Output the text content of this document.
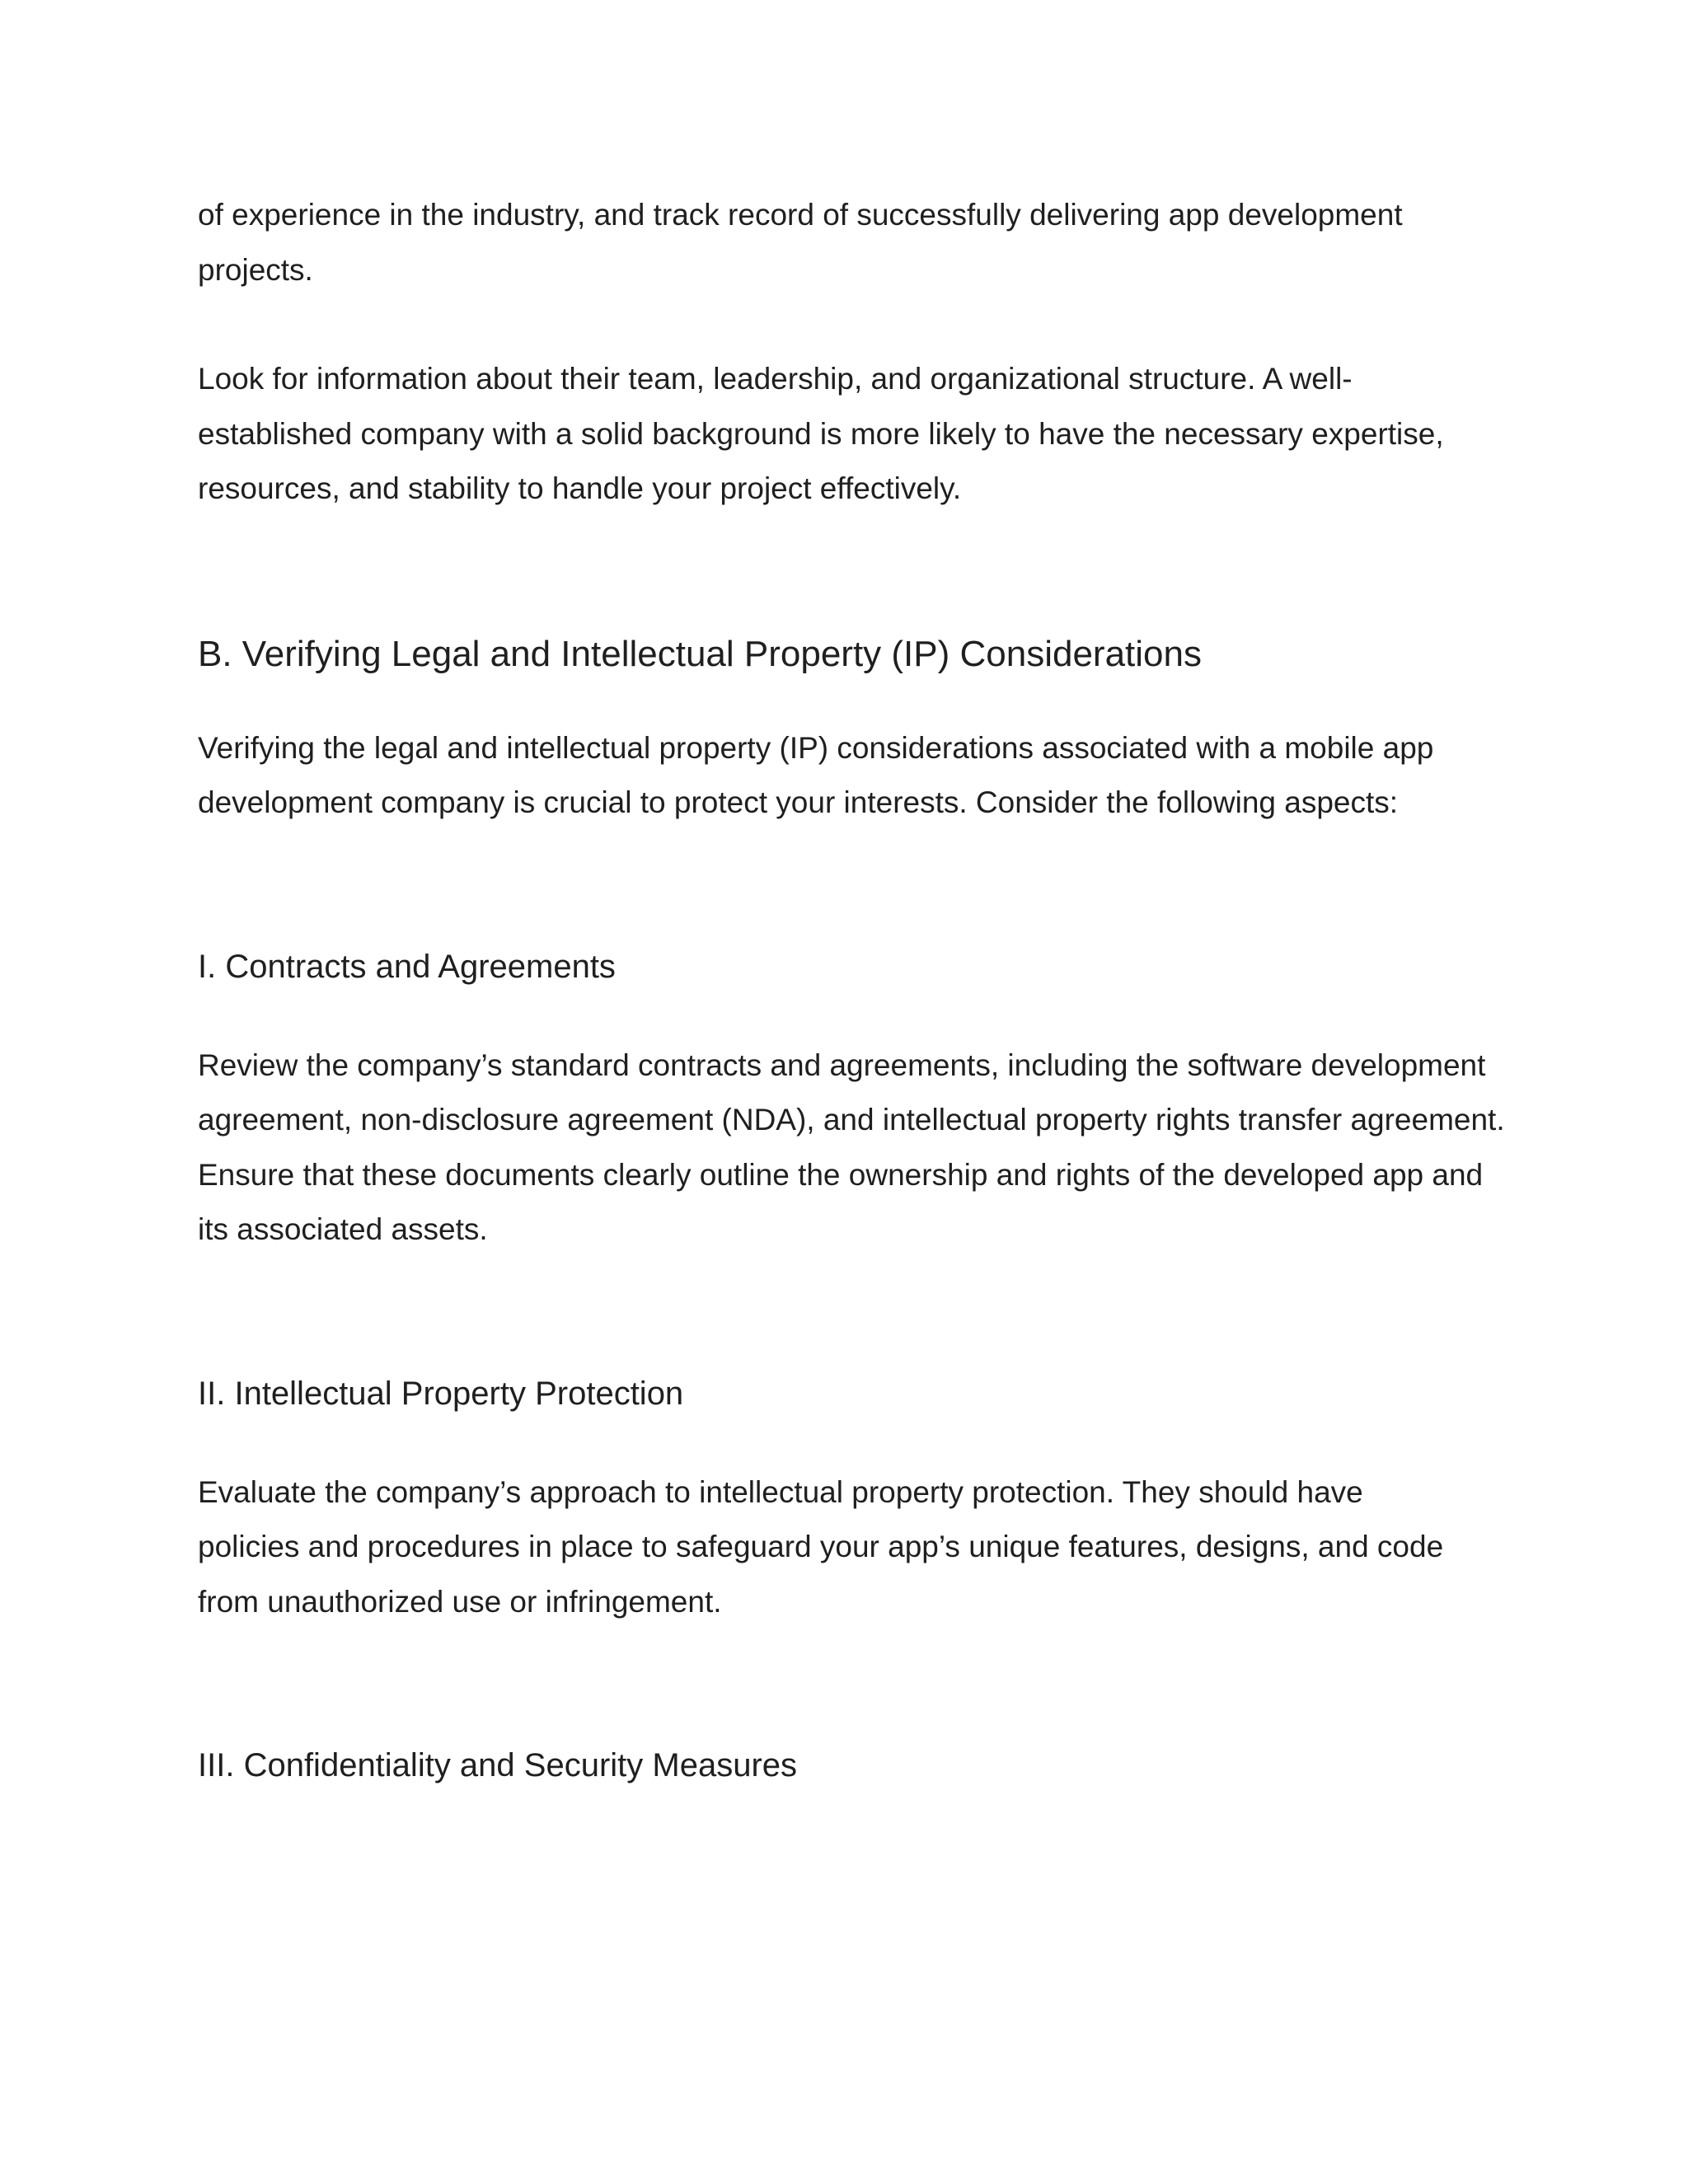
of experience in the industry, and track record of successfully delivering app development projects.

Look for information about their team, leadership, and organizational structure. A well-established company with a solid background is more likely to have the necessary expertise, resources, and stability to handle your project effectively.

B. Verifying Legal and Intellectual Property (IP) Considerations

Verifying the legal and intellectual property (IP) considerations associated with a mobile app development company is crucial to protect your interests. Consider the following aspects:

I. Contracts and Agreements

Review the company’s standard contracts and agreements, including the software development agreement, non-disclosure agreement (NDA), and intellectual property rights transfer agreement. Ensure that these documents clearly outline the ownership and rights of the developed app and its associated assets.

II. Intellectual Property Protection

Evaluate the company’s approach to intellectual property protection. They should have policies and procedures in place to safeguard your app’s unique features, designs, and code from unauthorized use or infringement.

III. Confidentiality and Security Measures
